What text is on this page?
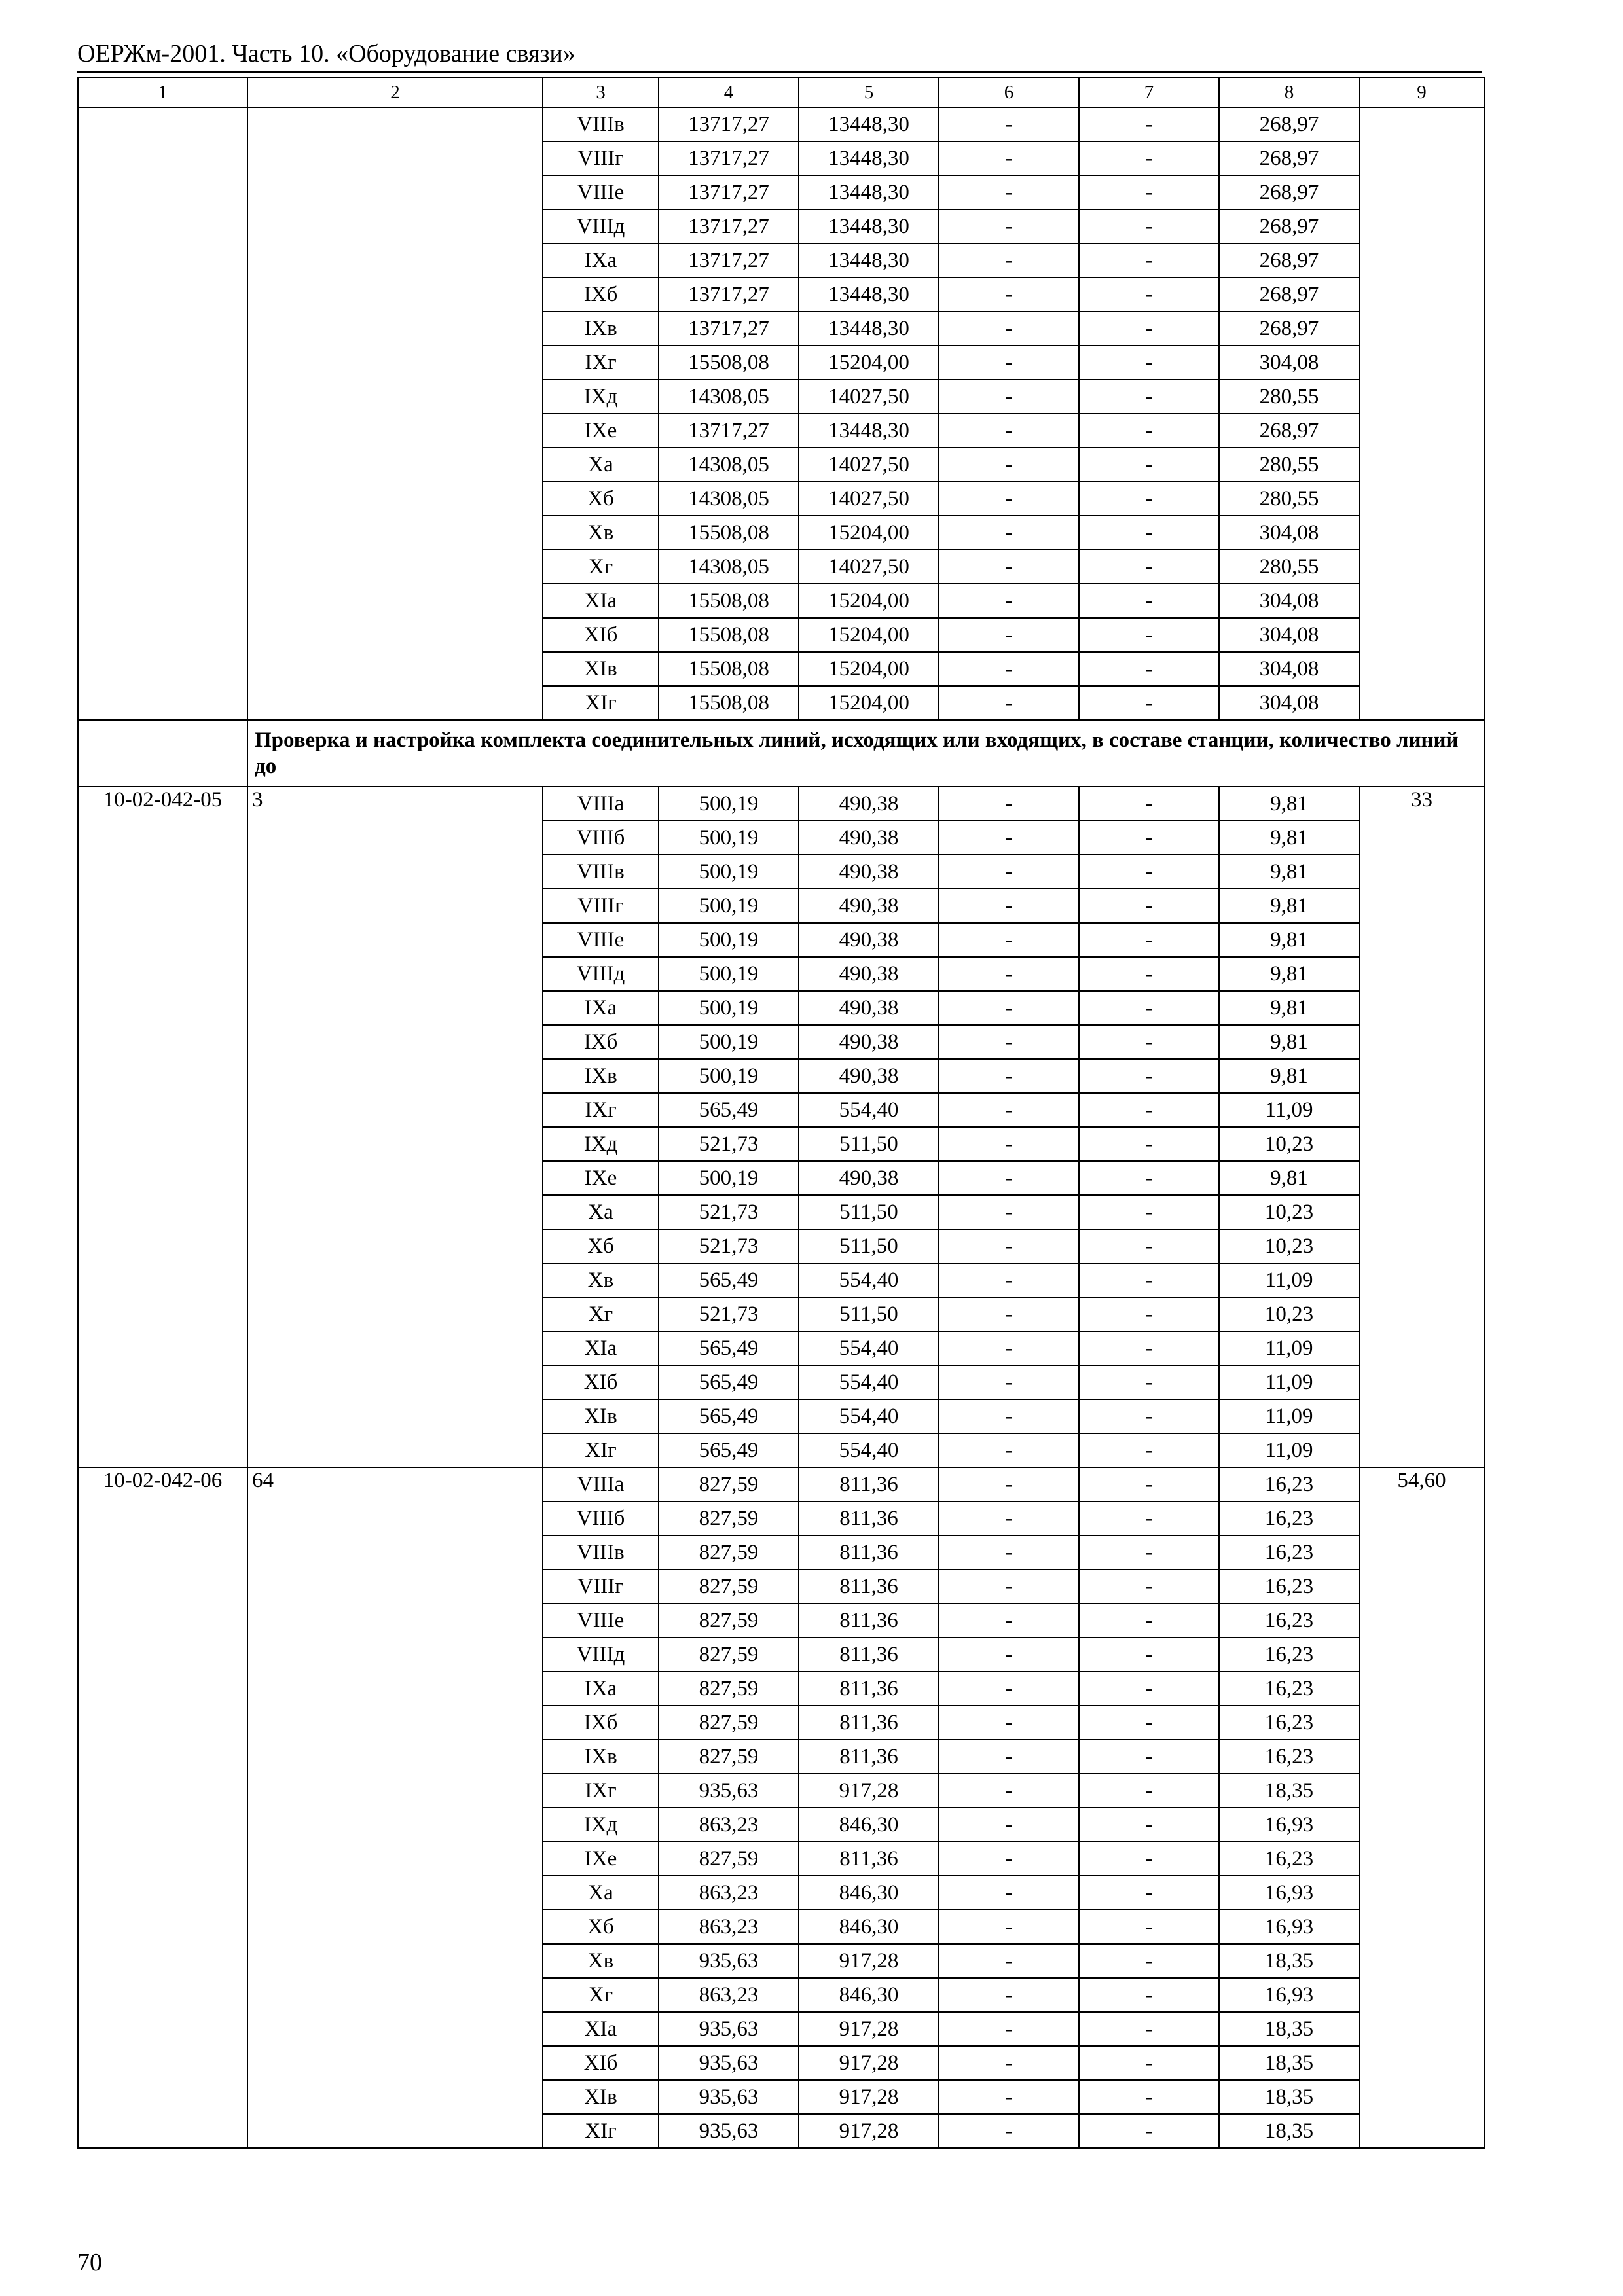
ОЕРЖм-2001. Часть 10. «Оборудование связи»
1	2	3	4	5	6	7	8	9
		VIIIв	13717,27	13448,30	-	-	268,97	
		VIIIг	13717,27	13448,30	-	-	268,97	
		VIIIе	13717,27	13448,30	-	-	268,97	
		VIIIд	13717,27	13448,30	-	-	268,97	
		IXа	13717,27	13448,30	-	-	268,97	
		IXб	13717,27	13448,30	-	-	268,97	
		IXв	13717,27	13448,30	-	-	268,97	
		IXг	15508,08	15204,00	-	-	304,08	
		IXд	14308,05	14027,50	-	-	280,55	
		IXе	13717,27	13448,30	-	-	268,97	
		Xа	14308,05	14027,50	-	-	280,55	
		Xб	14308,05	14027,50	-	-	280,55	
		Xв	15508,08	15204,00	-	-	304,08	
		Xг	14308,05	14027,50	-	-	280,55	
		XIа	15508,08	15204,00	-	-	304,08	
		XIб	15508,08	15204,00	-	-	304,08	
		XIв	15508,08	15204,00	-	-	304,08	
		XIг	15508,08	15204,00	-	-	304,08	
	Проверка и настройка комплекта соединительных линий, исходящих или входящих, в составе станции, количество линий до							
10-02-042-05	3	VIIIа	500,19	490,38	-	-	9,81	33
		VIIIб	500,19	490,38	-	-	9,81	
		VIIIв	500,19	490,38	-	-	9,81	
		VIIIг	500,19	490,38	-	-	9,81	
		VIIIе	500,19	490,38	-	-	9,81	
		VIIIд	500,19	490,38	-	-	9,81	
		IXа	500,19	490,38	-	-	9,81	
		IXб	500,19	490,38	-	-	9,81	
		IXв	500,19	490,38	-	-	9,81	
		IXг	565,49	554,40	-	-	11,09	
		IXд	521,73	511,50	-	-	10,23	
		IXе	500,19	490,38	-	-	9,81	
		Xа	521,73	511,50	-	-	10,23	
		Xб	521,73	511,50	-	-	10,23	
		Xв	565,49	554,40	-	-	11,09	
		Xг	521,73	511,50	-	-	10,23	
		XIа	565,49	554,40	-	-	11,09	
		XIб	565,49	554,40	-	-	11,09	
		XIв	565,49	554,40	-	-	11,09	
		XIг	565,49	554,40	-	-	11,09	
10-02-042-06	64	VIIIа	827,59	811,36	-	-	16,23	54,60
		VIIIб	827,59	811,36	-	-	16,23	
		VIIIв	827,59	811,36	-	-	16,23	
		VIIIг	827,59	811,36	-	-	16,23	
		VIIIе	827,59	811,36	-	-	16,23	
		VIIIд	827,59	811,36	-	-	16,23	
		IXа	827,59	811,36	-	-	16,23	
		IXб	827,59	811,36	-	-	16,23	
		IXв	827,59	811,36	-	-	16,23	
		IXг	935,63	917,28	-	-	18,35	
		IXд	863,23	846,30	-	-	16,93	
		IXе	827,59	811,36	-	-	16,23	
		Xа	863,23	846,30	-	-	16,93	
		Xб	863,23	846,30	-	-	16,93	
		Xв	935,63	917,28	-	-	18,35	
		Xг	863,23	846,30	-	-	16,93	
		XIа	935,63	917,28	-	-	18,35	
		XIб	935,63	917,28	-	-	18,35	
		XIв	935,63	917,28	-	-	18,35	
		XIг	935,63	917,28	-	-	18,35	
70
